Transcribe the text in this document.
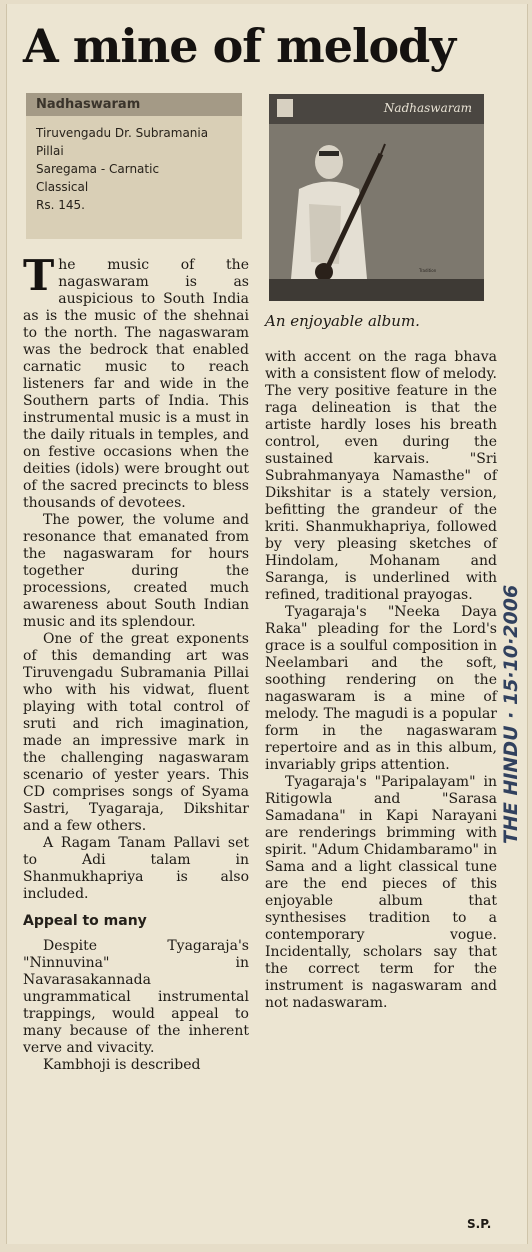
A mine of melody
Nadhaswaram
Tiruvengadu Dr. Subramania
Pillai
Saregama - Carnatic
Classical
Rs. 145.
Nadhaswaram
Tradition
An enjoyable album.

The music of the nagaswaram is as auspicious to South India as is the music of the shehnai to the north. The nagaswaram was the bedrock that enabled carnatic music to reach listeners far and wide in the Southern parts of India. This instrumental music is a must in the daily rituals in temples, and on festive occasions when the deities (idols) were brought out of the sacred precincts to bless thousands of devotees.

The power, the volume and resonance that emanated from the nagaswaram for hours together during the processions, created much awareness about South Indian music and its splendour.

One of the great exponents of this demanding art was Tiruvengadu Subramania Pillai who with his vidwat, fluent playing with total control of sruti and rich imagination, made an impressive mark in the challenging nagaswaram scenario of yester years. This CD comprises songs of Syama Sastri, Tyagaraja, Dikshitar and a few others.

A Ragam Tanam Pallavi set to Adi talam in Shanmukhapriya is also included.

Appeal to many

Despite Tyagaraja's "Ninnuvina" in Navarasakannada ungrammatical instrumental trappings, would appeal to many because of the inherent verve and vivacity.

Kambhoji is described

with accent on the raga bhava with a consistent flow of melody. The very positive feature in the raga delineation is that the artiste hardly loses his breath control, even during the sustained karvais. "Sri Subrahmanyaya Namasthe" of Dikshitar is a stately version, befitting the grandeur of the kriti. Shanmukhapriya, followed by very pleasing sketches of Hindolam, Mohanam and Saranga, is underlined with refined, traditional prayogas.

Tyagaraja's "Neeka Daya Raka" pleading for the Lord's grace is a soulful composition in Neelambari and the soft, soothing rendering on the nagaswaram is a mine of melody. The magudi is a popular form in the nagaswaram repertoire and as in this album, invariably grips attention.

Tyagaraja's "Paripalayam" in Ritigowla and "Sarasa Samadana" in Kapi Narayani are renderings brimming with spirit. "Adum Chidambaramo" in Sama and a light classical tune are the end pieces of this enjoyable album that synthesises tradition to a contemporary vogue. Incidentally, scholars say that the correct term for the instrument is nagaswaram and not nadaswaram.

S.P.
THE HINDU · 15·10·2006
